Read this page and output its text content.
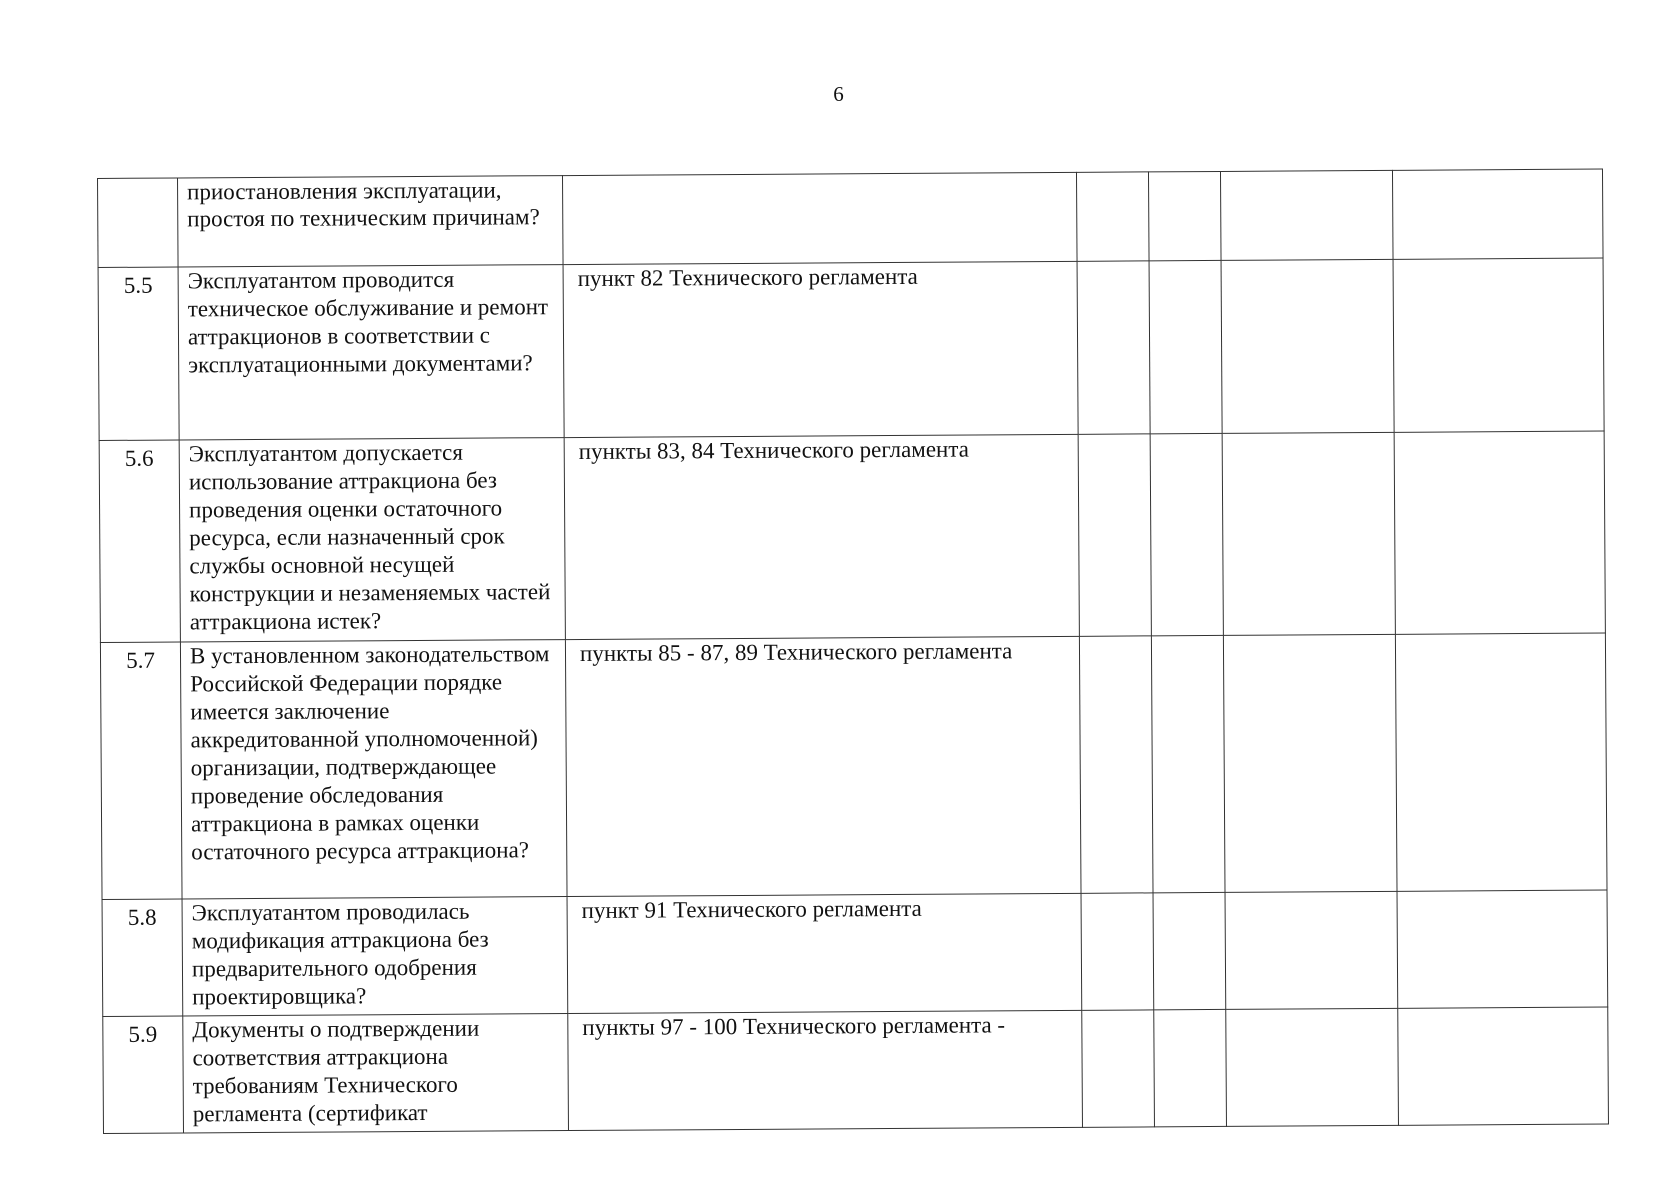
6
	приостановления эксплуатации, простоя по техническим причинам?					
5.5	Эксплуатантом проводится техническое обслуживание и ремонт аттракционов в соответствии с эксплуатационными документами?	пункт 82 Технического регламента				
5.6	Эксплуатантом допускается использование аттракциона без проведения оценки остаточного ресурса, если назначенный срок службы основной несущей конструкции и незаменяемых частей аттракциона истек?	пункты 83, 84 Технического регламента				
5.7	В установленном законодательством Российской Федерации порядке имеется заключение аккредитованной уполномоченной) организации, подтверждающее проведение обследования аттракциона в рамках оценки остаточного ресурса аттракциона?	пункты 85 - 87, 89 Технического регламента				
5.8	Эксплуатантом проводилась модификация аттракциона без предварительного одобрения проектировщика?	пункт 91 Технического регламента				
5.9	Документы о подтверждении соответствия аттракциона требованиям Технического регламента (сертификат	пункты 97 - 100 Технического регламента -				
